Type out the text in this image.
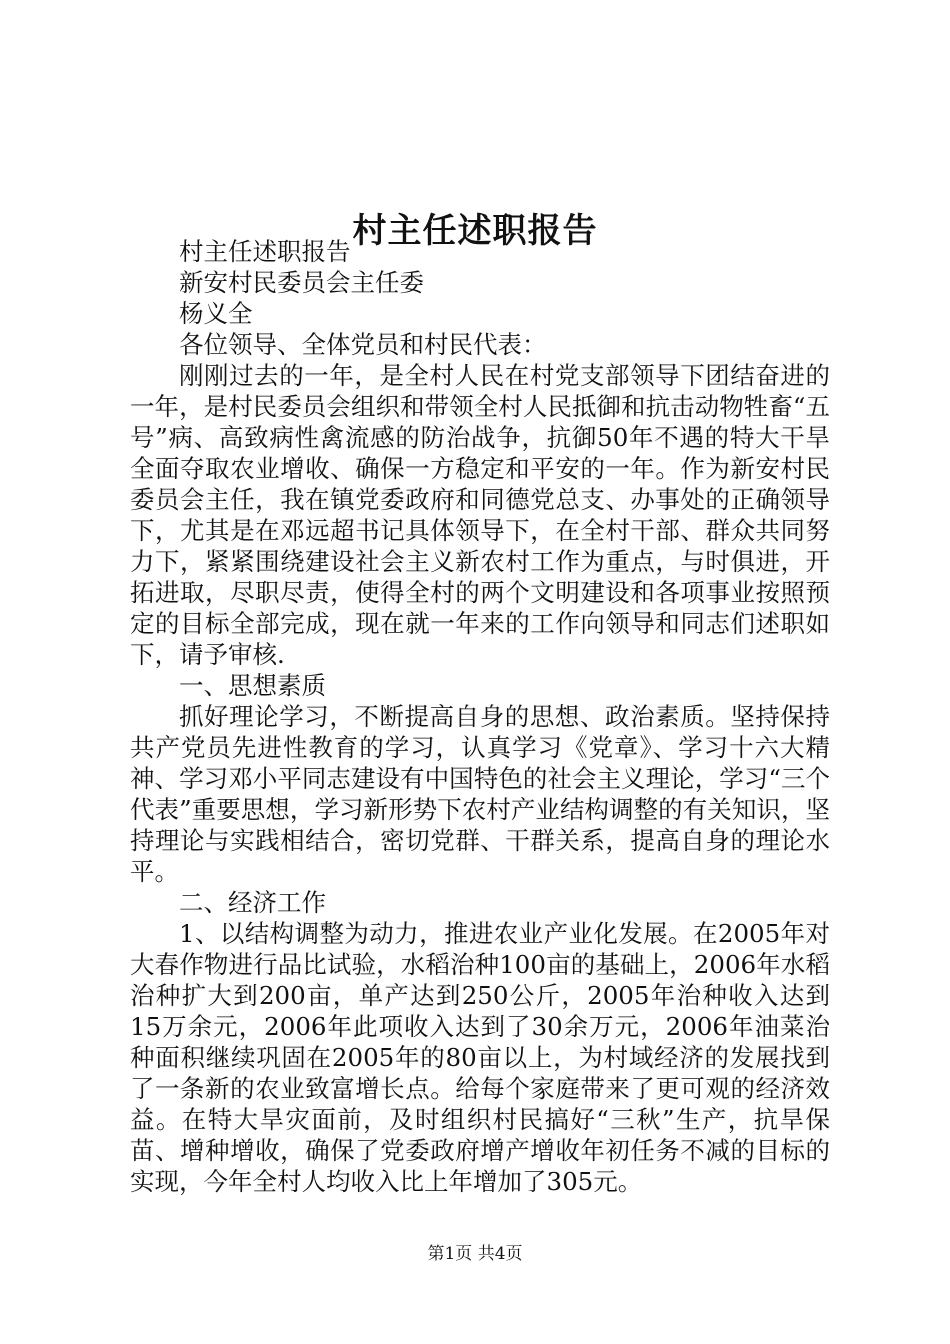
村主任述职报告

村主任述职报告

新安村民委员会主任委

杨义全

各位领导、全体党员和村民代表：

刚刚过去的一年，是全村人民在村党支部领导下团结奋进的一年，是村民委员会组织和带领全村人民抵御和抗击动物牲畜“五号”病、高致病性禽流感的防治战争，抗御50年不遇的特大干旱全面夺取农业增收、确保一方稳定和平安的一年。作为新安村民委员会主任，我在镇党委政府和同德党总支、办事处的正确领导下，尤其是在邓远超书记具体领导下，在全村干部、群众共同努力下，紧紧围绕建设社会主义新农村工作为重点，与时俱进，开拓进取，尽职尽责，使得全村的两个文明建设和各项事业按照预定的目标全部完成，现在就一年来的工作向领导和同志们述职如下，请予审核.

一、思想素质

抓好理论学习，不断提高自身的思想、政治素质。坚持保持共产党员先进性教育的学习，认真学习《党章》、学习十六大精神、学习邓小平同志建设有中国特色的社会主义理论，学习“三个代表”重要思想，学习新形势下农村产业结构调整的有关知识，坚持理论与实践相结合，密切党群、干群关系，提高自身的理论水平。

二、经济工作

1、以结构调整为动力，推进农业产业化发展。在2005年对大春作物进行品比试验，水稻治种100亩的基础上，2006年水稻治种扩大到200亩，单产达到250公斤，2005年治种收入达到15万余元，2006年此项收入达到了30余万元，2006年油菜治种面积继续巩固在2005年的80亩以上，为村域经济的发展找到了一条新的农业致富增长点。给每个家庭带来了更可观的经济效益。在特大旱灾面前，及时组织村民搞好“三秋”生产，抗旱保苗、增种增收，确保了党委政府增产增收年初任务不减的目标的实现，今年全村人均收入比上年增加了305元。

第1页 共4页
